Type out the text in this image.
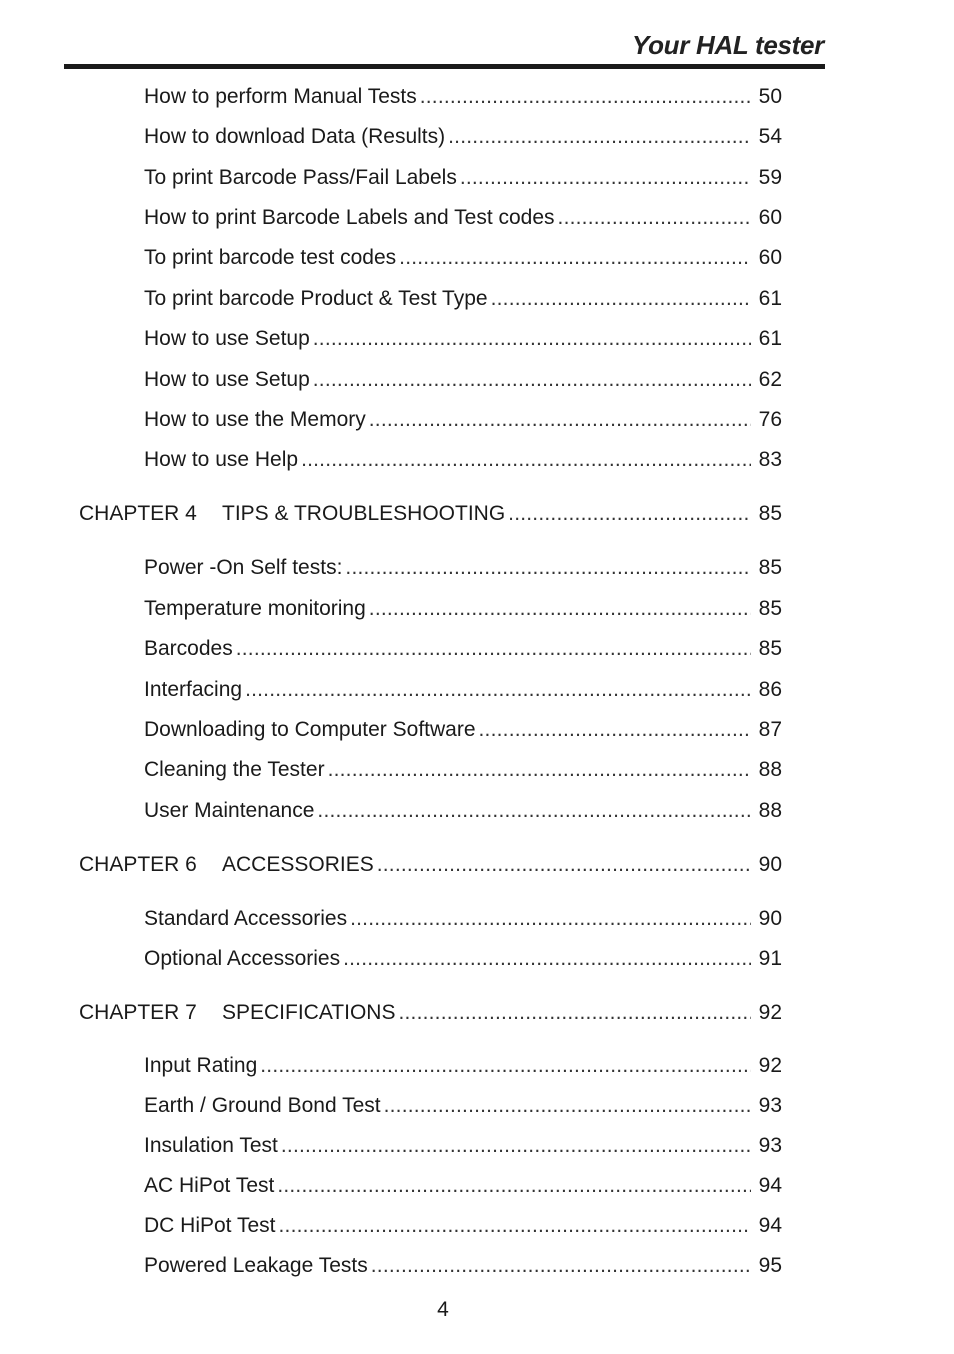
Your HAL tester
How to perform Manual Tests .....	50
How to download Data (Results) .....	54
To print Barcode Pass/Fail Labels .....	59
How to print Barcode Labels and Test codes .....	60
To print barcode test codes .....	60
To print barcode Product & Test Type .....	61
How to use Setup .....	61
How to use Setup .....	62
How to use the Memory .....	76
How to use Help .....	83
CHAPTER 4	TIPS & TROUBLESHOOTING .....	85
Power -On Self tests: .....	85
Temperature monitoring .....	85
Barcodes .....	85
Interfacing .....	86
Downloading to Computer Software .....	87
Cleaning the Tester .....	88
User Maintenance .....	88
CHAPTER 6	ACCESSORIES .....	90
Standard Accessories .....	90
Optional Accessories .....	91
CHAPTER 7	SPECIFICATIONS .....	92
Input Rating .....	92
Earth / Ground Bond Test .....	93
Insulation Test .....	93
AC HiPot Test .....	94
DC HiPot Test .....	94
Powered Leakage Tests .....	95
4
